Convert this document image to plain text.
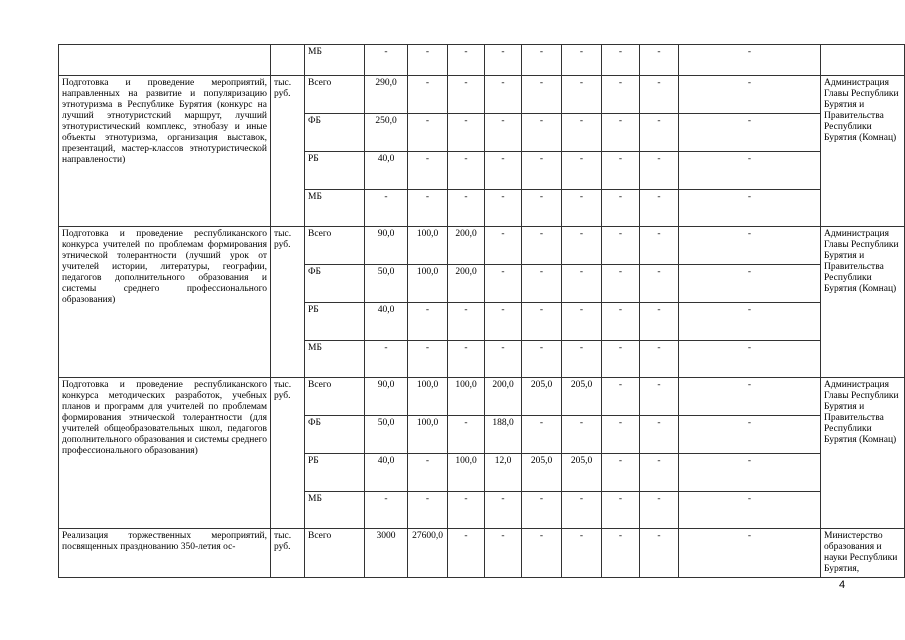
		МБ	-	-	-	-	-	-	-	-	-	
Подготовка и проведение мероприятий, направленных на развитие и популяризацию этнотуризма в Республике Бурятия (конкурс на лучший этнотуристский маршрут, лучший этнотуристический комплекс, этнобазу и иные объекты этнотуризма, организация выставок, презентаций, мастер-классов этнотуристической направлености)	тыс. руб.	Всего	290,0	-	-	-	-	-	-	-	-	Администрация Главы Республики Бурятия и Правительства Республики Бурятия (Комнац)
		ФБ	250,0	-	-	-	-	-	-	-	-	
		РБ	40,0	-	-	-	-	-	-	-	-	
		МБ	-	-	-	-	-	-	-	-	-	
Подготовка и проведение республиканского конкурса учителей по проблемам формирования этнической толерантности (лучший урок от учителей истории, литературы, географии, педагогов дополнительного образования и системы среднего профессионального образования)	тыс. руб.	Всего	90,0	100,0	200,0	-	-	-	-	-	-	Администрация Главы Республики Бурятия и Правительства Республики Бурятия (Комнац)
		ФБ	50,0	100,0	200,0	-	-	-	-	-	-	
		РБ	40,0	-	-	-	-	-	-	-	-	
		МБ	-	-	-	-	-	-	-	-	-	
Подготовка и проведение республиканского конкурса методических разработок, учебных планов и программ для учителей по проблемам формирования этнической толерантности (для учителей общеобразовательных школ, педагогов дополнительного образования и системы среднего профессионального образования)	тыс. руб.	Всего	90,0	100,0	100,0	200,0	205,0	205,0	-	-	-	Администрация Главы Республики Бурятия и Правительства Республики Бурятия (Комнац)
		ФБ	50,0	100,0	-	188,0	-	-	-	-	-	
		РБ	40,0	-	100,0	12,0	205,0	205,0	-	-	-	
		МБ	-	-	-	-	-	-	-	-	-	
Реализация торжественных мероприятий, посвященных празднованию 350-летия ос-	тыс. руб.	Всего	3000	27600,0	-	-	-	-	-	-	-	Министерство образования и науки Республики Бурятия,
4
